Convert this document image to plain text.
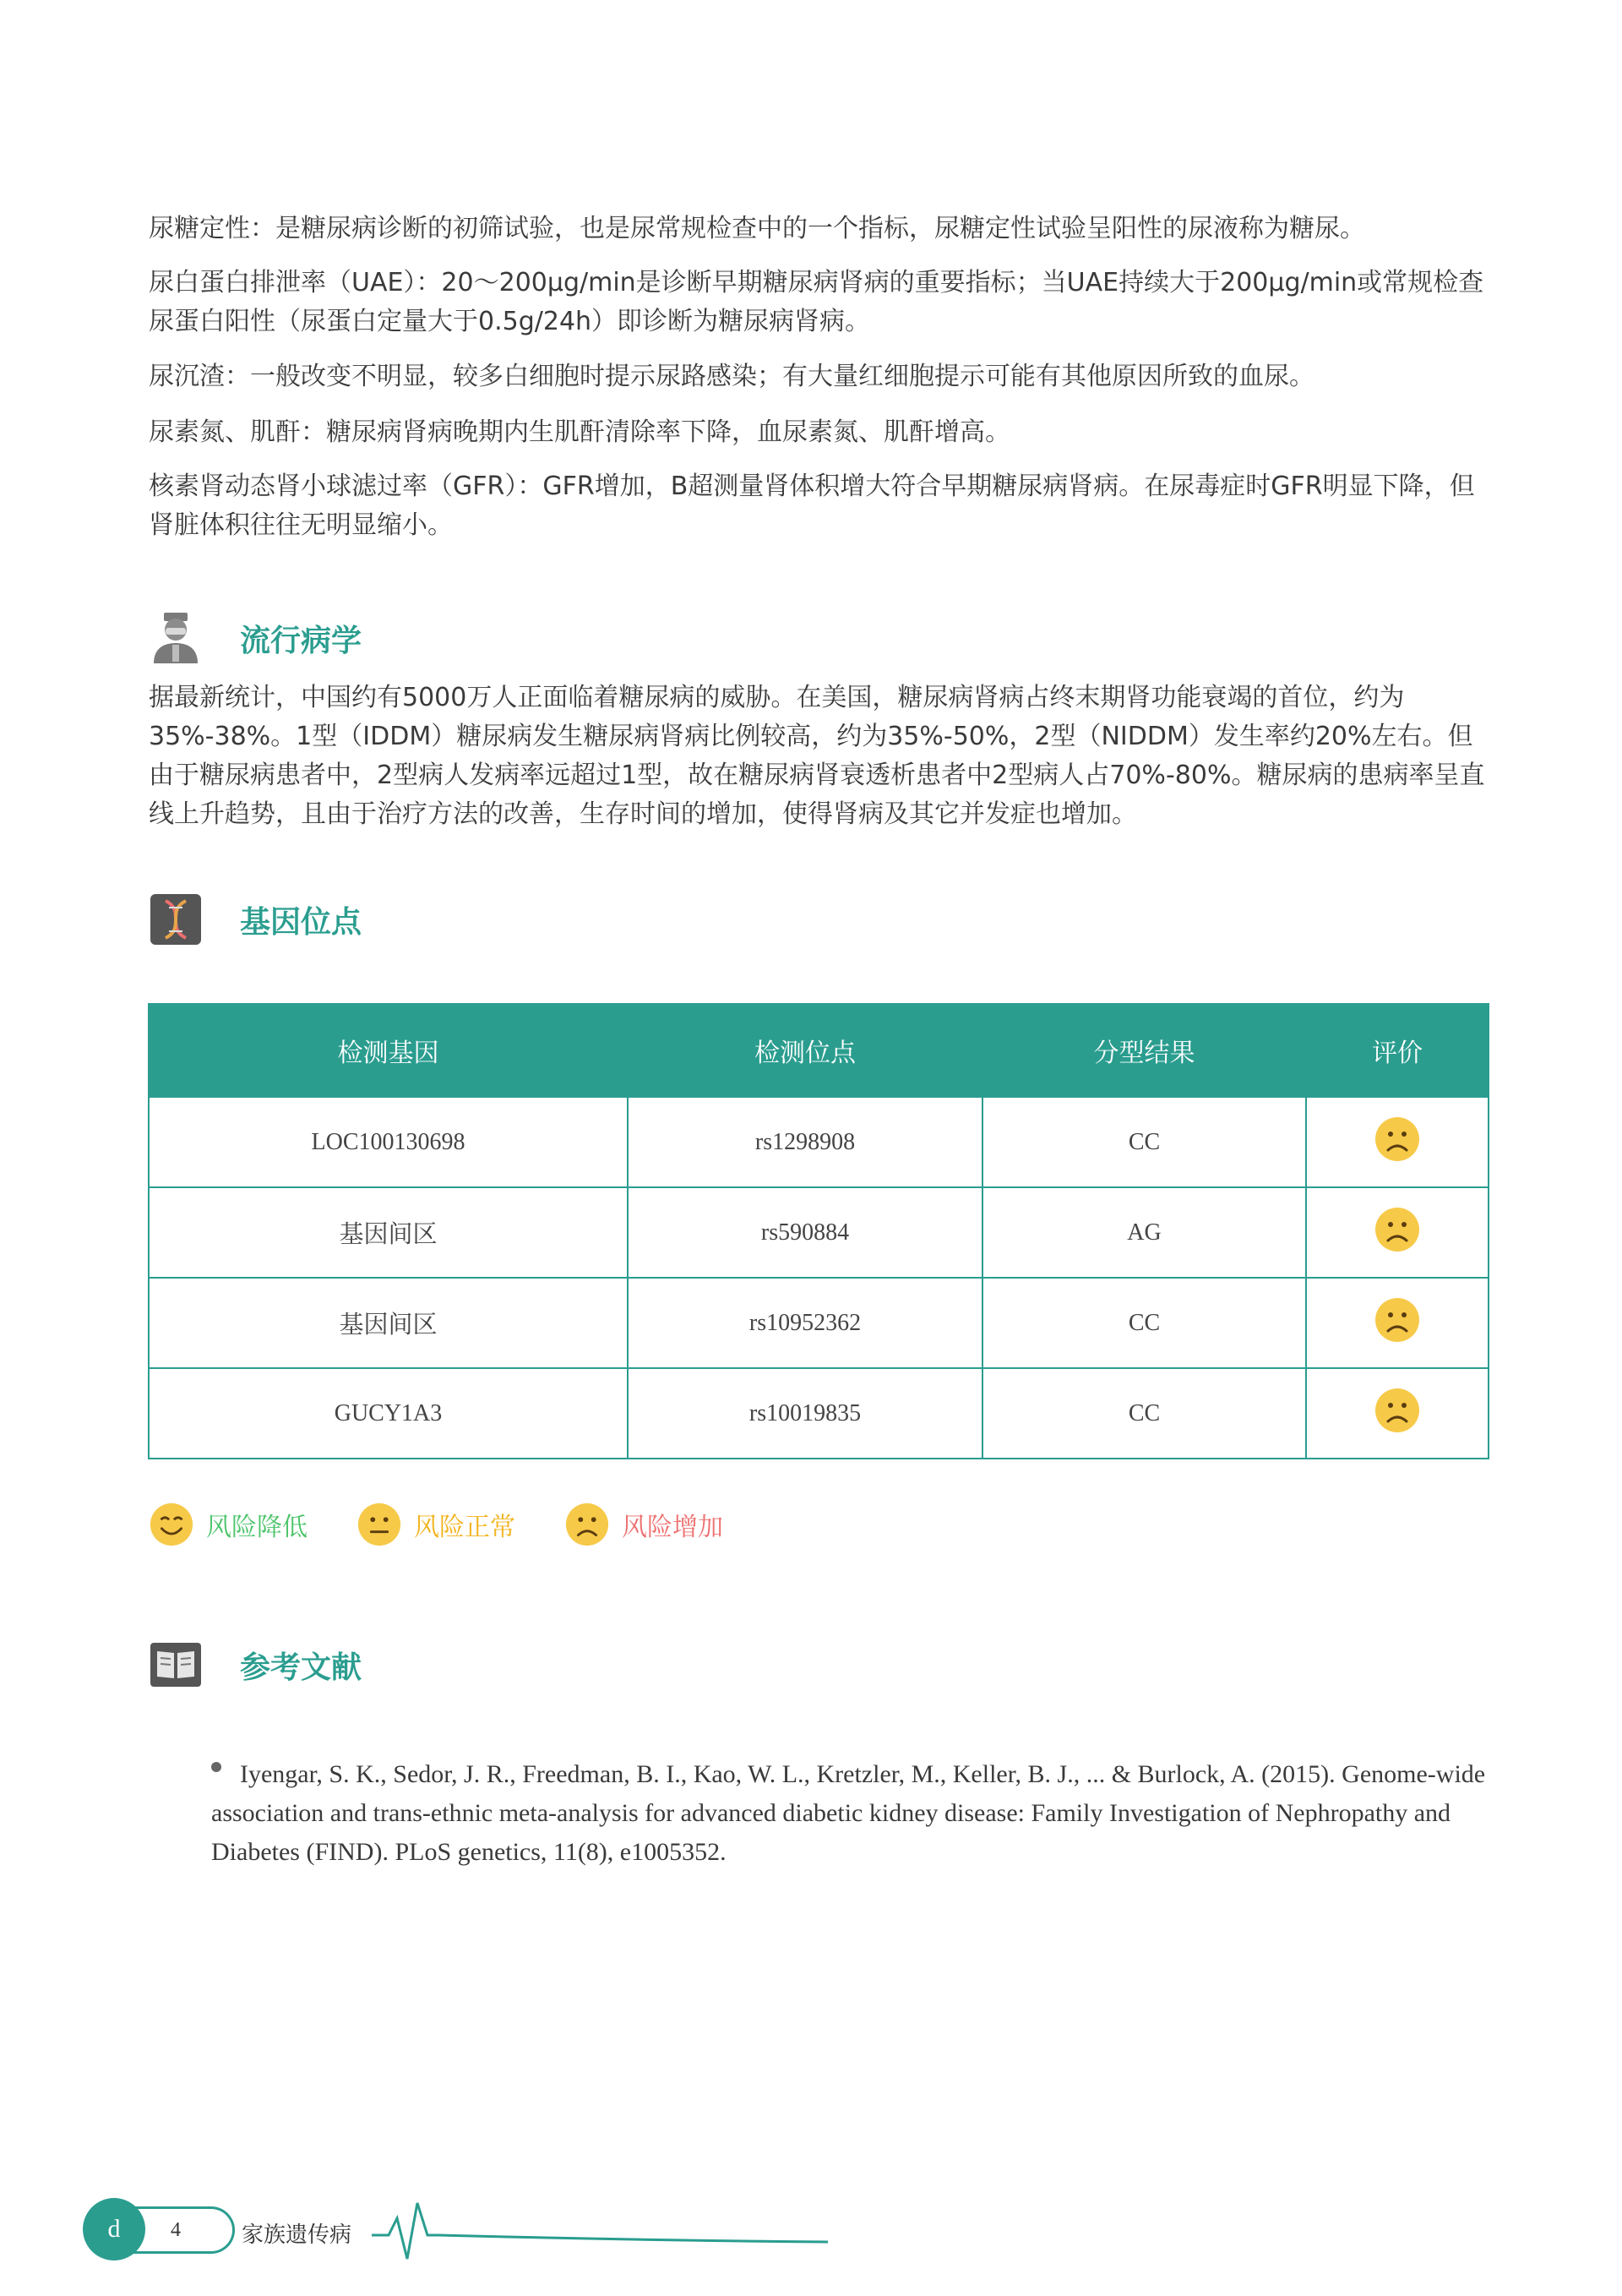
尿糖定性：是糖尿病诊断的初筛试验，也是尿常规检查中的一个指标，尿糖定性试验呈阳性的尿液称为糖尿。

尿白蛋白排泄率（UAE）：20～200μg/min是诊断早期糖尿病肾病的重要指标；当UAE持续大于200μg/min或常规检查尿蛋白阳性（尿蛋白定量大于0.5g/24h）即诊断为糖尿病肾病。

尿沉渣：一般改变不明显，较多白细胞时提示尿路感染；有大量红细胞提示可能有其他原因所致的血尿。

尿素氮、肌酐：糖尿病肾病晚期内生肌酐清除率下降，血尿素氮、肌酐增高。

核素肾动态肾小球滤过率（GFR）：GFR增加，B超测量肾体积增大符合早期糖尿病肾病。在尿毒症时GFR明显下降，但肾脏体积往往无明显缩小。

流行病学

据最新统计，中国约有5000万人正面临着糖尿病的威胁。在美国，糖尿病肾病占终末期肾功能衰竭的首位，约为35%-38%。1型（IDDM）糖尿病发生糖尿病肾病比例较高，约为35%-50%，2型（NIDDM）发生率约20%左右。但由于糖尿病患者中，2型病人发病率远超过1型，故在糖尿病肾衰透析患者中2型病人占70%-80%。糖尿病的患病率呈直线上升趋势，且由于治疗方法的改善，生存时间的增加，使得肾病及其它并发症也增加。

基因位点
检测基因	检测位点	分型结果	评价
LOC100130698	rs1298908	CC	
基因间区	rs590884	AG	
基因间区	rs10952362	CC	
GUCY1A3	rs10019835	CC	
风险降低	风险正常	风险增加
参考文献
Iyengar, S. K., Sedor, J. R., Freedman, B. I., Kao, W. L., Kretzler, M., Keller, B. J., ... & Burlock, A. (2015). Genome-wide association and trans-ethnic meta-analysis for advanced diabetic kidney disease: Family Investigation of Nephropathy and Diabetes (FIND). PLoS genetics, 11(8), e1005352.
4
d	家族遗传病
